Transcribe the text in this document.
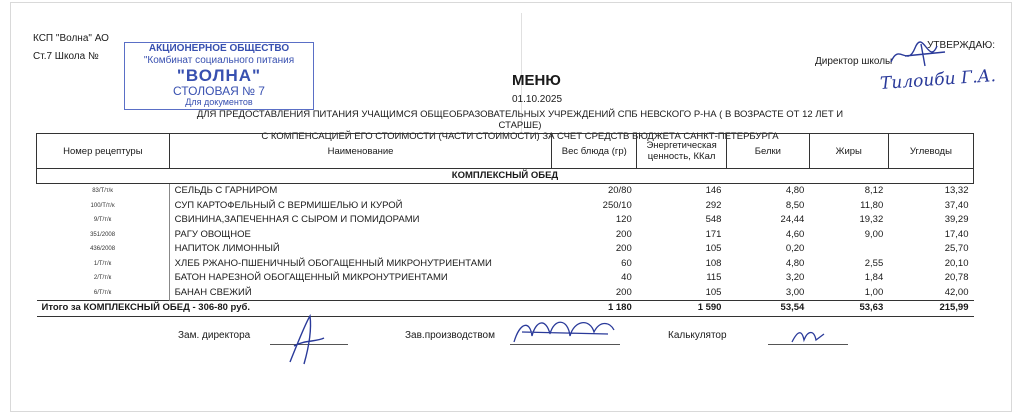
КСП "Волна" АО
Ст.7 Школа №
АКЦИОНЕРНОЕ ОБЩЕСТВО
"Комбинат социального питания
"ВОЛНА"
СТОЛОВАЯ № 7
Для документов
УТВЕРЖДАЮ:
Директор школы
Тилоиби Г.А.
МЕНЮ
01.10.2025
ДЛЯ ПРЕДОСТАВЛЕНИЯ ПИТАНИЯ УЧАЩИМСЯ ОБЩЕОБРАЗОВАТЕЛЬНЫХ УЧРЕЖДЕНИЙ СПБ НЕВСКОГО Р-НА ( В ВОЗРАСТЕ ОТ 12 ЛЕТ И СТАРШЕ)
С КОМПЕНСАЦИЕЙ ЕГО СТОИМОСТИ (ЧАСТИ СТОИМОСТИ) ЗА СЧЕТ СРЕДСТВ БЮДЖЕТА САНКТ-ПЕТЕРБУРГА
Номер рецептуры	Наименование	Вес блюда (гр)	Энергетическая ценность, ККал	Белки	Жиры	Углеводы
КОМПЛЕКСНЫЙ ОБЕД						
83/Т/т/к	СЕЛЬДЬ С ГАРНИРОМ	20/80	146	4,80	8,12	13,32
100/Т/т/к	СУП КАРТОФЕЛЬНЫЙ С ВЕРМИШЕЛЬЮ И КУРОЙ	250/10	292	8,50	11,80	37,40
9/Т/т/к	СВИНИНА,ЗАПЕЧЕННАЯ С СЫРОМ И ПОМИДОРАМИ	120	548	24,44	19,32	39,29
351/2008	РАГУ ОВОЩНОЕ	200	171	4,60	9,00	17,40
436/2008	НАПИТОК ЛИМОННЫЙ	200	105	0,20		25,70
1/Т/т/к	ХЛЕБ РЖАНО-ПШЕНИЧНЫЙ ОБОГАЩЕННЫЙ МИКРОНУТРИЕНТАМИ	60	108	4,80	2,55	20,10
2/Т/т/к	БАТОН НАРЕЗНОЙ ОБОГАЩЕННЫЙ МИКРОНУТРИЕНТАМИ	40	115	3,20	1,84	20,78
6/Т/т/к	БАНАН СВЕЖИЙ	200	105	3,00	1,00	42,00
Итого за КОМПЛЕКСНЫЙ ОБЕД - 306-80 руб.		1 180	1 590	53,54	53,63	215,99
Зам. директора	Зав.производством	Калькулятор
